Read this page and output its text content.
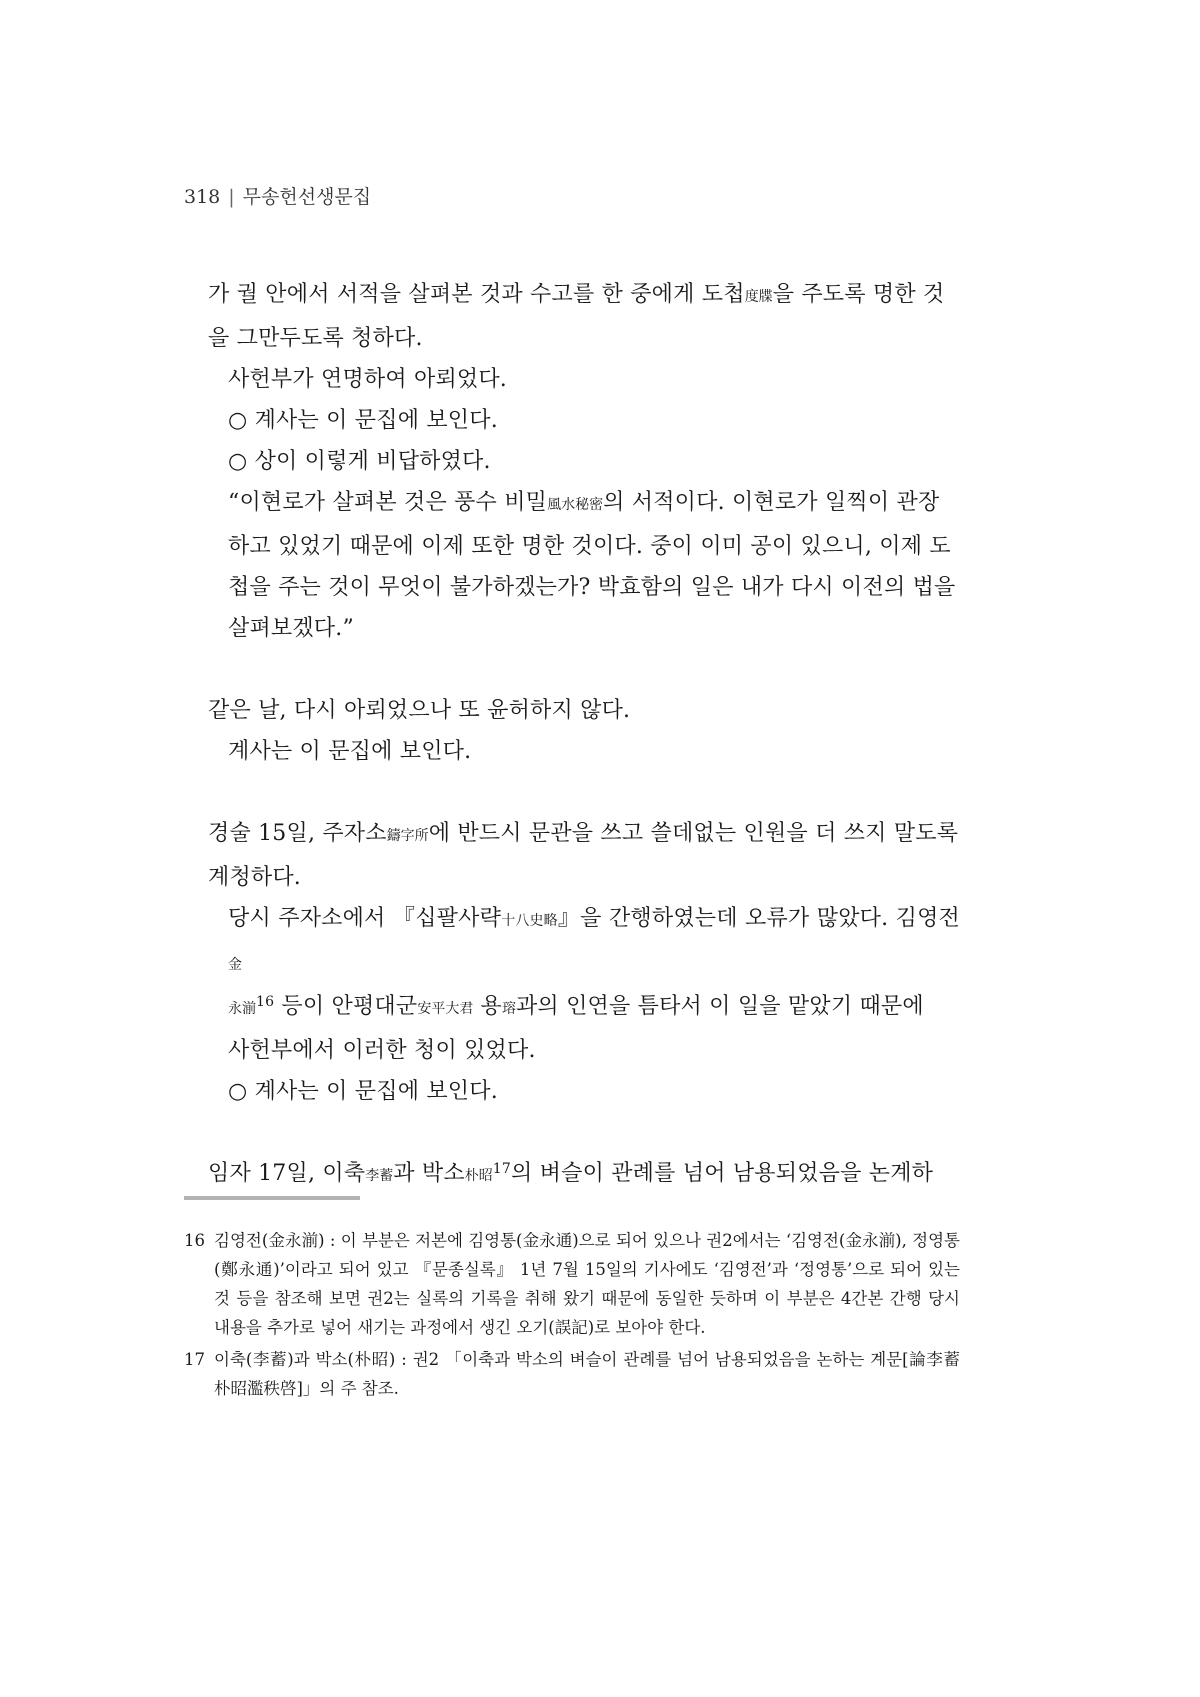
318 | 무송헌선생문집

가 궐 안에서 서적을 살펴본 것과 수고를 한 중에게 도첩度牒을 주도록 명한 것

을 그만두도록 청하다.

사헌부가 연명하여 아뢰었다.

○ 계사는 이 문집에 보인다.

○ 상이 이렇게 비답하였다.

“이현로가 살펴본 것은 풍수 비밀風水秘密의 서적이다. 이현로가 일찍이 관장

하고 있었기 때문에 이제 또한 명한 것이다. 중이 이미 공이 있으니, 이제 도

첩을 주는 것이 무엇이 불가하겠는가? 박효함의 일은 내가 다시 이전의 법을

살펴보겠다.”

같은 날, 다시 아뢰었으나 또 윤허하지 않다.

계사는 이 문집에 보인다.

경술 15일, 주자소鑄字所에 반드시 문관을 쓰고 쓸데없는 인원을 더 쓰지 말도록

계청하다.

당시 주자소에서 『십팔사략十八史略』을 간행하였는데 오류가 많았다. 김영전金

永湔$^{16}$ 등이 안평대군安平大君 용瑢과의 인연을 틈타서 이 일을 맡았기 때문에

사헌부에서 이러한 청이 있었다.

○ 계사는 이 문집에 보인다.

임자 17일, 이축李蓄과 박소朴昭$^{17}$의 벼슬이 관례를 넘어 남용되었음을 논계하

16 김영전(金永湔) : 이 부분은 저본에 김영통(金永通)으로 되어 있으나 권2에서는 ‘김영전(金永湔), 정영통(鄭永通)’이라고 되어 있고 『문종실록』 1년 7월 15일의 기사에도 ‘김영전’과 ‘정영통’으로 되어 있는 것 등을 참조해 보면 권2는 실록의 기록을 취해 왔기 때문에 동일한 듯하며 이 부분은 4간본 간행 당시 내용을 추가로 넣어 새기는 과정에서 생긴 오기(誤記)로 보아야 한다.

17 이축(李蓄)과 박소(朴昭) : 권2 「이축과 박소의 벼슬이 관례를 넘어 남용되었음을 논하는 계문[論李蓄朴昭濫秩啓]」의 주 참조.
